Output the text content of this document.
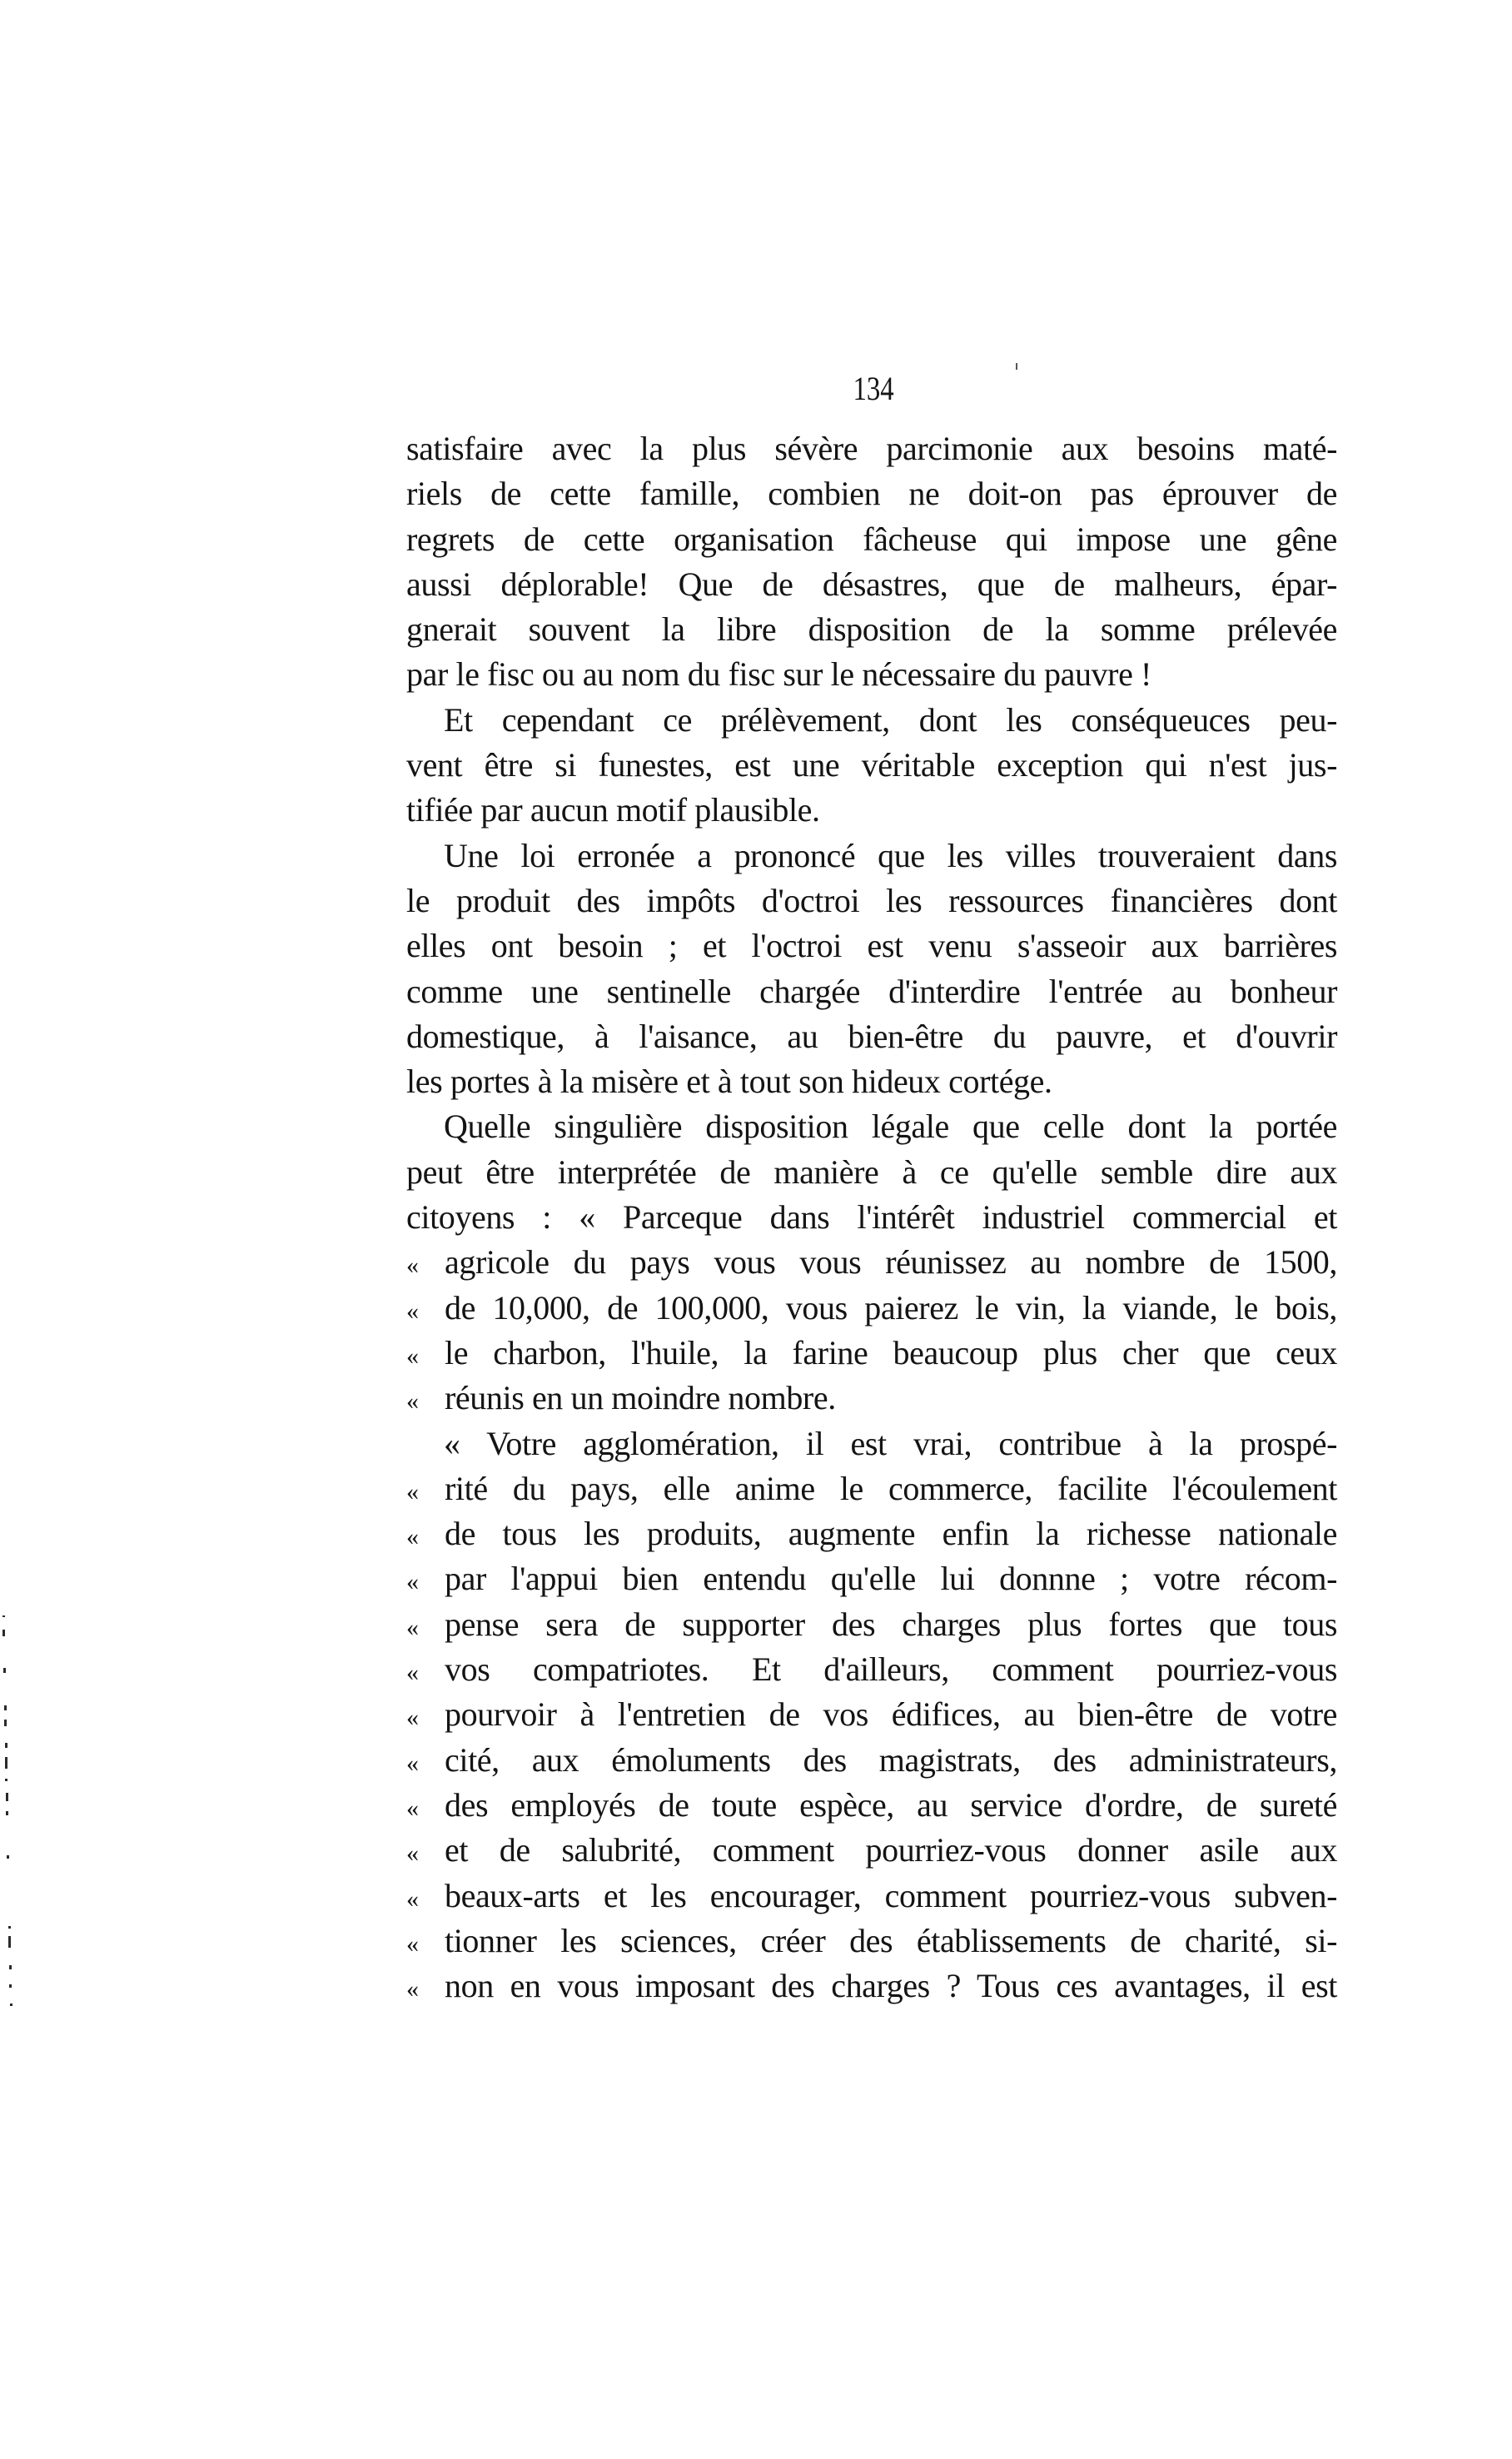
134
satisfaire avec la plus sévère parcimonie aux besoins maté-
riels de cette famille, combien ne doit-on pas éprouver de
regrets de cette organisation fâcheuse qui impose une gêne
aussi déplorable! Que de désastres, que de malheurs, épar-
gnerait souvent la libre disposition de la somme prélevée
par le fisc ou au nom du fisc sur le nécessaire du pauvre !
Et cependant ce prélèvement, dont les conséqueuces peu-
vent être si funestes, est une véritable exception qui n'est jus-
tifiée par aucun motif plausible.
Une loi erronée a prononcé que les villes trouveraient dans
le produit des impôts d'octroi les ressources financières dont
elles ont besoin ; et l'octroi est venu s'asseoir aux barrières
comme une sentinelle chargée d'interdire l'entrée au bonheur
domestique, à l'aisance, au bien-être du pauvre, et d'ouvrir
les portes à la misère et à tout son hideux cortége.
Quelle singulière disposition légale que celle dont la portée
peut être interprétée de manière à ce qu'elle semble dire aux
citoyens : « Parceque dans l'intérêt industriel commercial et
« agricole du pays vous vous réunissez au nombre de 1500,
« de 10,000, de 100,000, vous paierez le vin, la viande, le bois,
« le charbon, l'huile, la farine beaucoup plus cher que ceux
« réunis en un moindre nombre.
« Votre agglomération, il est vrai, contribue à la prospé-
« rité du pays, elle anime le commerce, facilite l'écoulement
« de tous les produits, augmente enfin la richesse nationale
« par l'appui bien entendu qu'elle lui donnne ; votre récom-
« pense sera de supporter des charges plus fortes que tous
« vos compatriotes. Et d'ailleurs, comment pourriez-vous
« pourvoir à l'entretien de vos édifices, au bien-être de votre
« cité, aux émoluments des magistrats, des administrateurs,
« des employés de toute espèce, au service d'ordre, de sureté
« et de salubrité, comment pourriez-vous donner asile aux
« beaux-arts et les encourager, comment pourriez-vous subven-
« tionner les sciences, créer des établissements de charité, si-
« non en vous imposant des charges ? Tous ces avantages, il est
